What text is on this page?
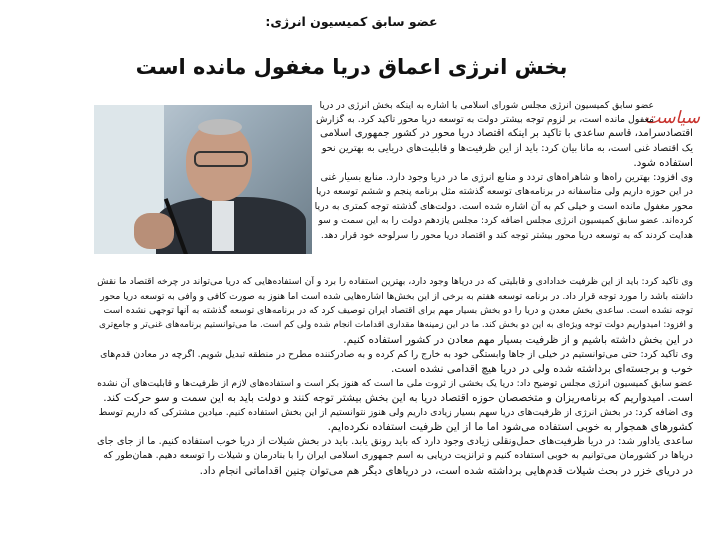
عضو سابق کمیسیون انرژی:
بخش انرژی اعماق دریا مغفول مانده است
سیاست
عضو سابق کمیسیون انرژی مجلس شورای اسلامی با اشاره به اینکه بخش انرژی در دریا
مغفول مانده است، بر لزوم توجه بیشتر دولت به توسعه دریا محور تأکید کرد. به گزارش
اقتصادسرآمد، قاسم ساعدی با تأکید بر اینکه اقتصاد دریا محور در کشور جمهوری اسلامی
یک اقتصاد غنی است، به مانا بیان کرد: باید از این ظرفیت‌ها و قابلیت‌های دریایی به بهترین نحو
استفاده شود.
وی افزود: بهترین راه‌ها و شاهراه‌های تردد و منابع انرژی ما در دریا وجود دارد. منابع بسیار غنی
در این حوزه داریم ولی متأسفانه در برنامه‌های توسعه گذشته مثل برنامه پنجم و ششم توسعه دریا
محور مغفول مانده است و خیلی کم به آن اشاره شده است. دولت‌های گذشته توجه کمتری به دریا
کرده‌اند. عضو سابق کمیسیون انرژی مجلس اضافه کرد: مجلس یازدهم دولت را به این سمت و سو
هدایت کردند که به توسعه دریا محور بیشتر توجه کند و اقتصاد دریا محور را سرلوحه خود قرار دهد.
وی تأکید کرد: باید از این ظرفیت خدادادی و قابلیتی که در دریاها وجود دارد، بهترین استفاده را برد و آن استفاده‌هایی که دریا می‌تواند در چرخه اقتصاد ما نقش
داشته باشد را مورد توجه قرار داد. در برنامه توسعه هفتم به برخی از این بخش‌ها اشاره‌هایی شده است اما هنوز به صورت کافی و وافی به توسعه دریا محور
توجه نشده است. ساعدی بخش معدن و دریا را دو بخش بسیار مهم برای اقتصاد ایران توصیف کرد که در برنامه‌های توسعه گذشته به آنها توجهی نشده است
و افزود: امیدواریم دولت توجه ویژه‌ای به این دو بخش کند. ما در این زمینه‌ها مقداری اقدامات انجام شده ولی کم است. ما می‌توانستیم برنامه‌های غنی‌تر و جامع‌تری
در این بخش داشته باشیم و از ظرفیت بسیار مهم معادن در کشور استفاده کنیم.
وی تأکید کرد: حتی می‌توانستیم در خیلی از جاها وابستگی خود به خارج را کم کرده و به صادرکننده مطرح در منطقه تبدیل شویم. اگرچه در معادن قدم‌های
خوب و برجسته‌ای برداشته شده ولی در دریا هیچ اقدامی نشده است.
عضو سابق کمیسیون انرژی مجلس توضیح داد: دریا یک بخشی از ثروت ملی ما است که هنوز بکر است و استفاده‌های لازم از ظرفیت‌ها و قابلیت‌های آن نشده
است. امیدواریم که برنامه‌ریزان و متخصصان حوزه اقتصاد دریا به این بخش بیشتر توجه کنند و دولت باید به این سمت و سو حرکت کند.
وی اضافه کرد: در بخش انرژی از ظرفیت‌های دریا سهم بسیار زیادی داریم ولی هنوز نتوانستیم از این بخش استفاده کنیم. میادین مشترکی که داریم توسط
کشورهای همجوار به خوبی استفاده می‌شود اما ما از این ظرفیت استفاده نکرده‌ایم.
ساعدی یادآور شد: در دریا ظرفیت‌های حمل‌ونقلی زیادی وجود دارد که باید رونق یابد. باید در بخش شیلات از دریا خوب استفاده کنیم. ما از جای جای
دریاها در کشورمان می‌توانیم به خوبی استفاده کنیم و ترانزیت دریایی به اسم جمهوری اسلامی ایران را با بنادرمان و شیلات را توسعه دهیم. همان‌طور که
در دریای خزر در بحث شیلات قدم‌هایی برداشته شده است، در دریاهای دیگر هم می‌توان چنین اقداماتی انجام داد.
